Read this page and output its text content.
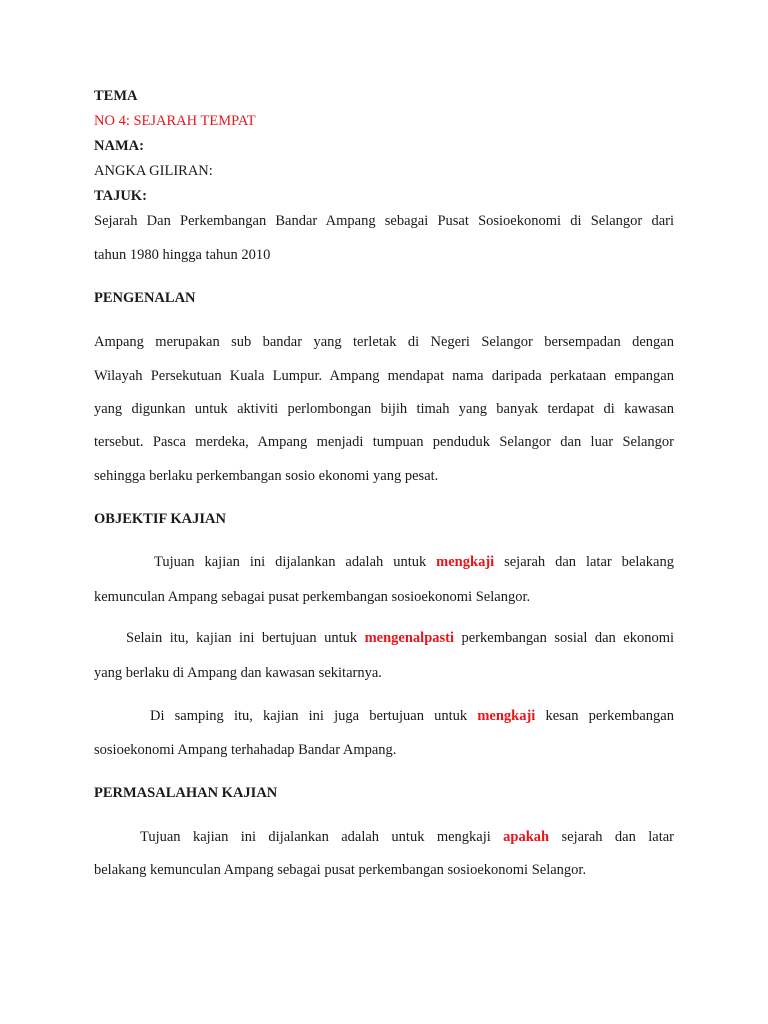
TEMA
NO 4: SEJARAH TEMPAT
NAMA:
ANGKA GILIRAN:
TAJUK:
Sejarah Dan Perkembangan Bandar Ampang sebagai Pusat Sosioekonomi di Selangor dari
tahun 1980 hingga tahun 2010
PENGENALAN
Ampang merupakan sub bandar yang terletak di Negeri Selangor bersempadan dengan
Wilayah Persekutuan Kuala Lumpur. Ampang mendapat nama daripada perkataan empangan
yang digunkan untuk aktiviti perlombongan bijih timah yang banyak terdapat di kawasan
tersebut. Pasca merdeka, Ampang menjadi tumpuan penduduk Selangor dan luar Selangor
sehingga berlaku perkembangan sosio ekonomi yang pesat.
OBJEKTIF KAJIAN
Tujuan kajian ini dijalankan adalah untuk mengkaji sejarah dan latar belakang
kemunculan Ampang sebagai pusat perkembangan sosioekonomi Selangor.
Selain itu, kajian ini bertujuan untuk mengenalpasti perkembangan sosial dan ekonomi
yang berlaku di Ampang dan kawasan sekitarnya.
Di samping itu, kajian ini juga bertujuan untuk mengkaji kesan perkembangan
sosioekonomi Ampang terhahadap Bandar Ampang.
PERMASALAHAN KAJIAN
Tujuan kajian ini dijalankan adalah untuk mengkaji apakah sejarah dan latar
belakang kemunculan Ampang sebagai pusat perkembangan sosioekonomi Selangor.
